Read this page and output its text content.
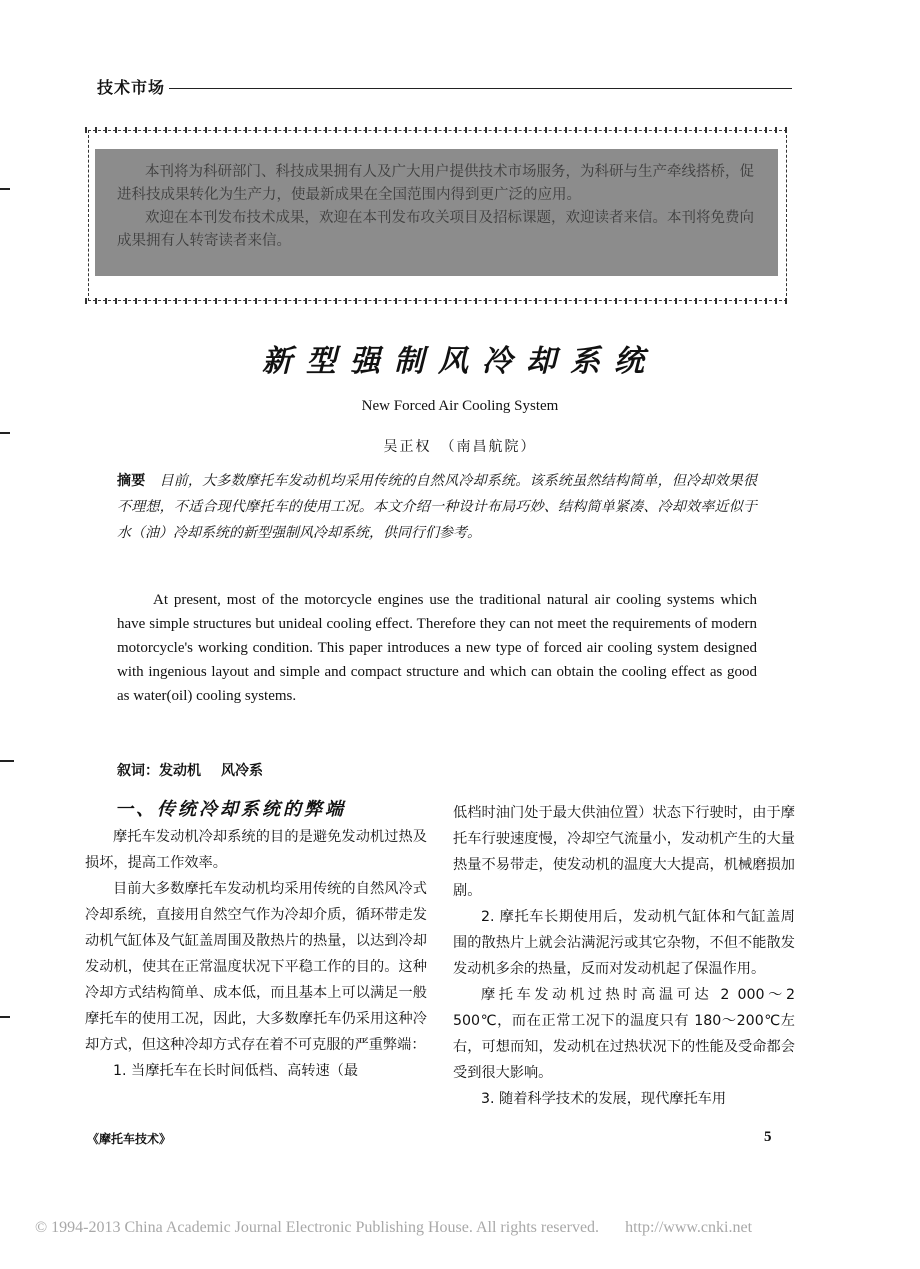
技术市场

本刊将为科研部门、科技成果拥有人及广大用户提供技术市场服务，为科研与生产牵线搭桥，促进科技成果转化为生产力，使最新成果在全国范围内得到更广泛的应用。

欢迎在本刊发布技术成果，欢迎在本刊发布攻关项目及招标课题，欢迎读者来信。本刊将免费向成果拥有人转寄读者来信。

新型强制风冷却系统
New Forced Air Cooling System
吴正权　（南昌航院）
摘要 目前，大多数摩托车发动机均采用传统的自然风冷却系统。该系统虽然结构简单，但冷却效果很不理想，不适合现代摩托车的使用工况。本文介绍一种设计布局巧妙、结构简单紧凑、冷却效率近似于水（油）冷却系统的新型强制风冷却系统，供同行们参考。
At present, most of the motorcycle engines use the traditional natural air cooling systems which have simple structures but unideal cooling effect. Therefore they can not meet the requirements of modern motorcycle's working condition. This paper introduces a new type of forced air cooling system designed with ingenious layout and simple and compact structure and which can obtain the cooling effect as good as water(oil) cooling systems.
叙词：发动机 风冷系
一、传统冷却系统的弊端

摩托车发动机冷却系统的目的是避免发动机过热及损坏，提高工作效率。

目前大多数摩托车发动机均采用传统的自然风冷式冷却系统，直接用自然空气作为冷却介质，循环带走发动机气缸体及气缸盖周围及散热片的热量，以达到冷却发动机，使其在正常温度状况下平稳工作的目的。这种冷却方式结构简单、成本低，而且基本上可以满足一般摩托车的使用工况，因此，大多数摩托车仍采用这种冷却方式，但这种冷却方式存在着不可克服的严重弊端：

1. 当摩托车在长时间低档、高转速（最

低档时油门处于最大供油位置）状态下行驶时，由于摩托车行驶速度慢，冷却空气流量小，发动机产生的大量热量不易带走，使发动机的温度大大提高，机械磨损加剧。

2. 摩托车长期使用后，发动机气缸体和气缸盖周围的散热片上就会沾满泥污或其它杂物，不但不能散发发动机多余的热量，反而对发动机起了保温作用。

摩托车发动机过热时高温可达 2 000～2 500℃，而在正常工况下的温度只有 180～200℃左右，可想而知，发动机在过热状况下的性能及受命都会受到很大影响。

3. 随着科学技术的发展，现代摩托车用

《摩托车技术》	5
© 1994-2013 China Academic Journal Electronic Publishing House. All rights reserved. http://www.cnki.net
